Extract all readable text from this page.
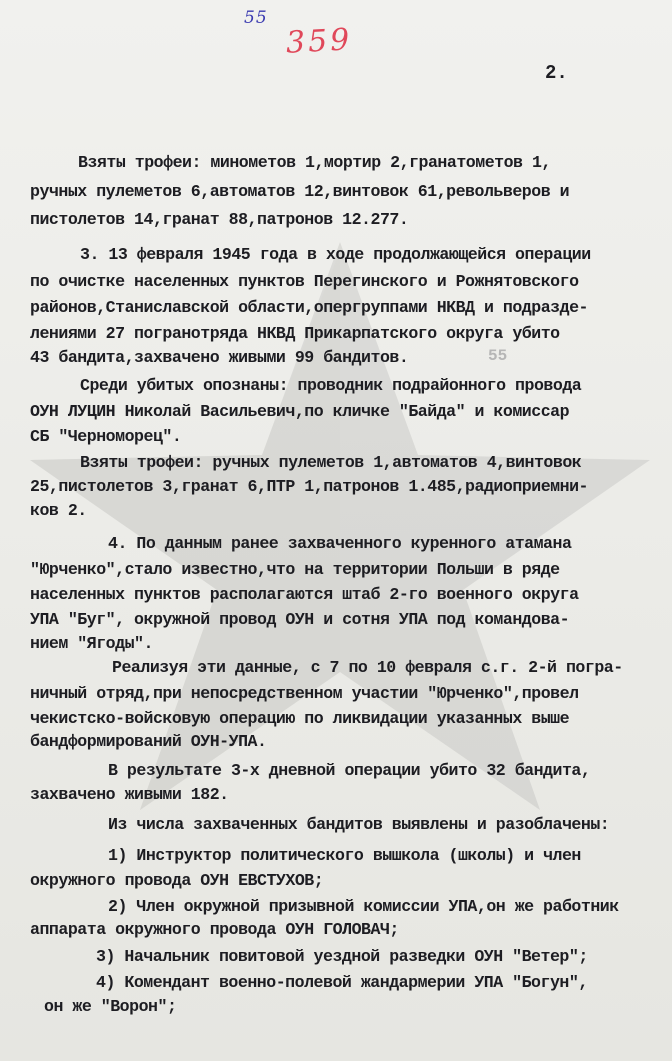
55
359
2.
Взяты трофеи: минометов 1,мортир 2,гранатометов 1,
ручных пулеметов 6,автоматов 12,винтовок 61,револьверов и
пистолетов 14,гранат 88,патронов 12.277.
3. 13 февраля 1945 года в ходе продолжающейся операции
по очистке населенных пунктов Перегинского и Рожнятовского
районов,Станиславской области,опергруппами НКВД и подразде-
лениями 27 погранотряда НКВД Прикарпатского округа убито
43 бандита,захвачено живыми 99 бандитов.
Среди убитых опознаны: проводник подрайонного провода
ОУН ЛУЦИН Николай Васильевич,по кличке "Байда" и комиссар
СБ "Черноморец".
Взяты трофеи: ручных пулеметов 1,автоматов 4,винтовок
25,пистолетов 3,гранат 6,ПТР 1,патронов 1.485,радиоприемни-
ков 2.
4. По данным ранее захваченного куренного атамана
"Юрченко",стало известно,что на территории Польши в ряде
населенных пунктов располагаются штаб 2-го военного округа
УПА "Буг", окружной провод ОУН и сотня УПА под командова-
нием "Ягоды".
Реализуя эти данные, с 7 по 10 февраля с.г. 2-й погра-
ничный отряд,при непосредственном участии "Юрченко",провел
чекистско-войсковую операцию по ликвидации указанных выше
бандформирований ОУН-УПА.
В результате 3-х дневной операции убито 32 бандита,
захвачено живыми 182.
Из числа захваченных бандитов выявлены и разоблачены:
1) Инструктор политического вышкола (школы) и член
окружного провода ОУН ЕВСТУХОВ;
2) Член окружной призывной комиссии УПА,он же работник
аппарата окружного провода ОУН ГОЛОВАЧ;
3) Начальник повитовой уездной разведки ОУН "Ветер";
4) Комендант военно-полевой жандармерии УПА "Богун",
он же "Ворон";
55
